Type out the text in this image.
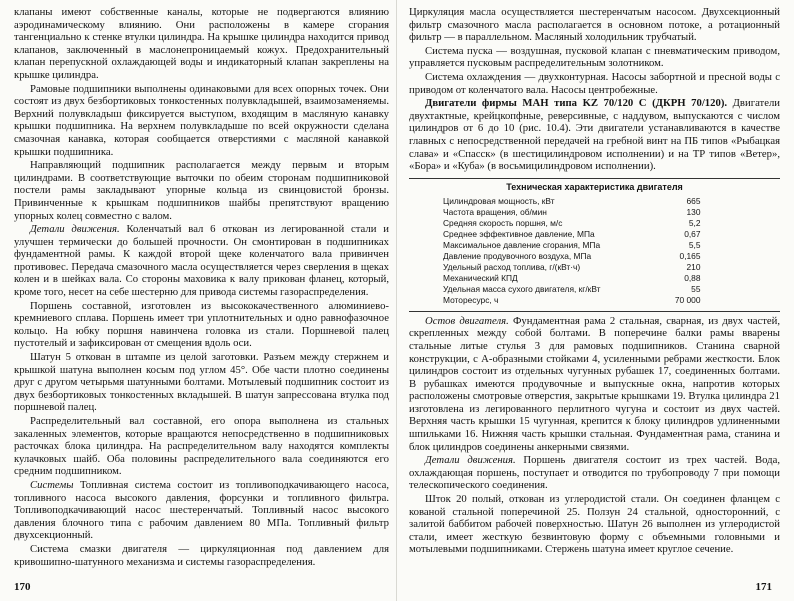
клапаны имеют собственные каналы, которые не подвергаются влиянию аэродинамическому влиянию. Они расположены в камере сгорания тангенциально к стенке втулки цилиндра. На крышке цилиндра находится привод клапанов, заключенный в маслонепроницаемый кожух. Предохранительный клапан перепускной охлаждающей воды и индикаторный клапан закреплены на крышке цилиндра.

Рамовые подшипники выполнены одинаковыми для всех опорных точек. Они состоят из двух безбортиковых тонкостенных полувкладышей, взаимозаменяемы. Верхний полувкладыш фиксируется выступом, входящим в масляную канавку крышки подшипника. На верхнем полувкладыше по всей окружности сделана смазочная канавка, которая сообщается отверстиями с масляной канавкой крышки подшипника.

Направляющий подшипник располагается между первым и вторым цилиндрами. В соответствующие выточки по обеим сторонам подшипниковой постели рамы закладывают упорные кольца из свинцовистой бронзы. Привинченные к крышкам подшипников шайбы препятствуют вращению упорных колец совместно с валом.

Детали движения. Коленчатый вал 6 откован из легированной стали и улучшен термически до большей прочности. Он смонтирован в подшипниках фундаментной рамы. К каждой второй щеке коленчатого вала привинчен противовес. Передача смазочного масла осуществляется через сверления в щеках колен и в шейках вала. Со стороны маховика к валу прикован фланец, который, кроме того, несет на себе шестерню для привода системы газораспределения.

Поршень составной, изготовлен из высококачественного алюминиево-кремниевого сплава. Поршень имеет три уплотнительных и одно равнофазочное кольцо. На юбку поршня навинчена головка из стали. Поршневой палец пустотелый и зафиксирован от смещения вдоль оси.

Шатун 5 откован в штампе из целой заготовки. Разъем между стержнем и крышкой шатуна выполнен косым под углом 45°. Обе части плотно соединены друг с другом четырьмя шатунными болтами. Мотылевый подшипник состоит из двух безбортиковых тонкостенных вкладышей. В шатун запрессована втулка под поршневой палец.

Распределительный вал составной, его опора выполнена из стальных закаленных элементов, которые вращаются непосредственно в подшипниковых расточках блока цилиндра. На распределительном валу находятся комплекты кулачковых шайб. Оба половины распределительного вала соединяются его средним подшипником.

Системы Топливная система состоит из топливоподкачивающего насоса, топливного насоса высокого давления, форсунки и топливного фильтра. Топливоподкачивающий насос шестеренчатый. Топливный насос высокого давления блочного типа с рабочим давлением 80 МПа. Топливный фильтр двухсекционный.

Система смазки двигателя — циркуляционная под давлением для кривошипно-шатунного механизма и системы газораспределения.

Циркуляция масла осуществляется шестеренчатым насосом. Двухсекционный фильтр смазочного масла располагается в основном потоке, а ротационный фильтр — в параллельном. Масляный холодильник трубчатый.

Система пуска — воздушная, пусковой клапан с пневматическим приводом, управляется пусковым распределительным золотником.

Система охлаждения — двухконтурная. Насосы забортной и пресной воды с приводом от коленчатого вала. Насосы центробежные.

Двигатели фирмы МАН типа KZ 70/120 С (ДКРН 70/120). Двигатели двухтактные, крейцкопфные, реверсивные, с наддувом, выпускаются с числом цилиндров от 6 до 10 (рис. 10.4). Эти двигатели устанавливаются в качестве главных с непосредственной передачей на гребной винт на ПБ типов «Рыбацкая слава» и «Спасск» (в шестицилиндровом исполнении) и на ТР типов «Ветер», «Бора» и «Куба» (в восьмицилиндровом исполнении).

Техническая характеристика двигателя
Цилиндровая мощность, кВт	665
Частота вращения, об/мин	130
Средняя скорость поршня, м/с	5,2
Среднее эффективное давление, МПа	0,67
Максимальное давление сгорания, МПа	5,5
Давление продувочного воздуха, МПа	0,165
Удельный расход топлива, г/(кВт·ч)	210
Механический КПД	0,88
Удельная масса сухого двигателя, кг/кВт	55
Моторесурс, ч	70 000

Остов двигателя. Фундаментная рама 2 стальная, сварная, из двух частей, скрепленных между собой болтами. В поперечине балки рамы вварены стальные литые стулья 3 для рамовых подшипников. Станина сварной конструкции, с А-образными стойками 4, усиленными ребрами жесткости. Блок цилиндров состоит из отдельных чугунных рубашек 17, соединенных болтами. В рубашках имеются продувочные и выпускные окна, напротив которых расположены смотровые отверстия, закрытые крышками 19. Втулка цилиндра 21 изготовлена из легированного перлитного чугуна и состоит из двух частей. Верхняя часть крышки 15 чугунная, крепится к блоку цилиндров удлиненными шпильками 16. Нижняя часть крышки стальная. Фундаментная рама, станина и блок цилиндров соединены анкерными связями.

Детали движения. Поршень двигателя состоит из трех частей. Вода, охлаждающая поршень, поступает и отводится по трубопроводу 7 при помощи телескопического соединения.

Шток 20 полый, откован из углеродистой стали. Он соединен фланцем с кованой стальной поперечиной 25. Ползун 24 стальной, односторонний, с залитой баббитом рабочей поверхностью. Шатун 26 выполнен из углеродистой стали, имеет жесткую безвинтовую форму с объемными головными и мотылевыми подшипниками. Стержень шатуна имеет круглое сечение.

170	171
